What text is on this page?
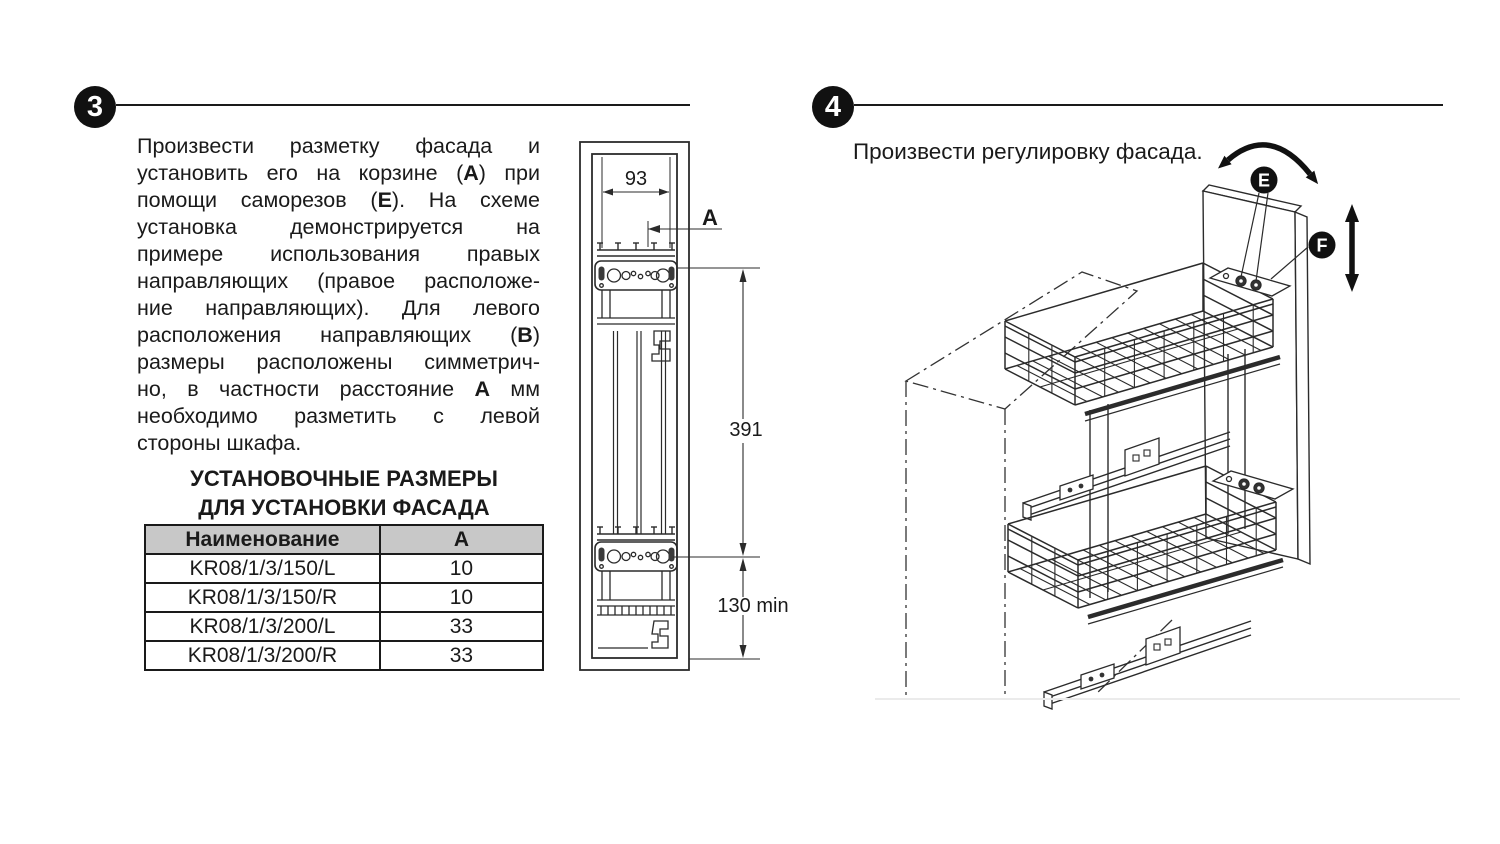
3
Произвести разметку фасада и
установить его на корзине (А) при
помощи саморезов (Е). На схеме
установка демонстрируется на
примере использования правых
направляющих (правое расположе-
ние направляющих). Для левого
расположения направляющих (В)
размеры расположены симметрич-
но, в частности расстояние А мм
необходимо разметить с левой
стороны шкафа.
УСТАНОВОЧНЫЕ РАЗМЕРЫ
ДЛЯ УСТАНОВКИ ФАСАДА
Наименование	А
KR08/1/3/150/L	10
KR08/1/3/150/R	10
KR08/1/3/200/L	33
KR08/1/3/200/R	33
93
А
391
130 min
4
Произвести регулировку фасада.
E
F
